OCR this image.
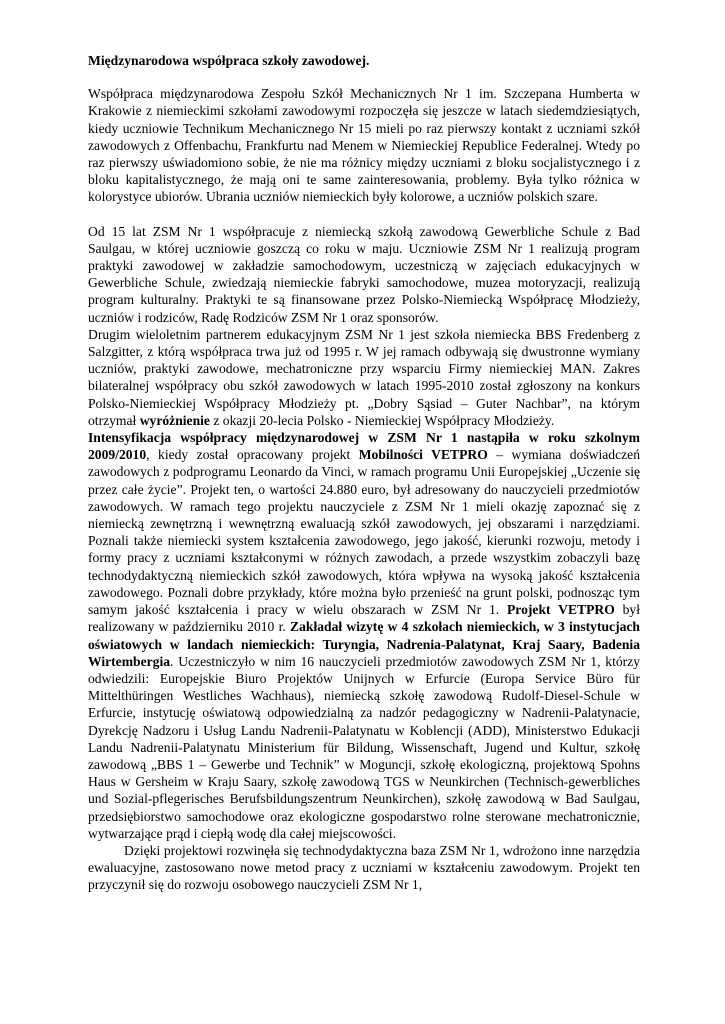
Międzynarodowa współpraca szkoły zawodowej.

Współpraca międzynarodowa Zespołu Szkół Mechanicznych Nr 1 im. Szczepana Humberta w Krakowie z niemieckimi szkołami zawodowymi rozpoczęła się jeszcze w latach siedemdziesiątych, kiedy uczniowie Technikum Mechanicznego Nr 15 mieli po raz pierwszy kontakt z uczniami szkół zawodowych z Offenbachu, Frankfurtu nad Menem w Niemieckiej Republice Federalnej. Wtedy po raz pierwszy uświadomiono sobie, że nie ma różnicy między uczniami z bloku socjalistycznego i z bloku kapitalistycznego, że mają oni te same zainteresowania, problemy. Była tylko różnica w kolorystyce ubiorów. Ubrania uczniów niemieckich były kolorowe, a uczniów polskich szare.

Od 15 lat ZSM Nr 1 współpracuje z niemiecką szkołą zawodową Gewerbliche Schule z Bad Saulgau, w której uczniowie goszczą co roku w maju. Uczniowie ZSM Nr 1 realizują program praktyki zawodowej w zakładzie samochodowym, uczestniczą w zajęciach edukacyjnych w Gewerbliche Schule, zwiedzają niemieckie fabryki samochodowe, muzea motoryzacji, realizują program kulturalny. Praktyki te są finansowane przez Polsko-Niemiecką Współpracę Młodzieży, uczniów i rodziców, Radę Rodziców ZSM Nr 1 oraz sponsorów.

Drugim wieloletnim partnerem edukacyjnym ZSM Nr 1 jest szkoła niemiecka BBS Fredenberg z Salzgitter, z którą współpraca trwa już od 1995 r. W jej ramach odbywają się dwustronne wymiany uczniów, praktyki zawodowe, mechatroniczne przy wsparciu Firmy niemieckiej MAN. Zakres bilateralnej współpracy obu szkół zawodowych w latach 1995-2010 został zgłoszony na konkurs Polsko-Niemieckiej Współpracy Młodzieży pt. „Dobry Sąsiad – Guter Nachbar”, na którym otrzymał wyróżnienie z okazji 20-lecia Polsko - Niemieckiej Współpracy Młodzieży.

Intensyfikacja współpracy międzynarodowej w ZSM Nr 1 nastąpiła w roku szkolnym 2009/2010, kiedy został opracowany projekt Mobilności VETPRO – wymiana doświadczeń zawodowych z podprogramu Leonardo da Vinci, w ramach programu Unii Europejskiej „Uczenie się przez całe życie”. Projekt ten, o wartości 24.880 euro, był adresowany do nauczycieli przedmiotów zawodowych. W ramach tego projektu nauczyciele z ZSM Nr 1 mieli okazję zapoznać się z niemiecką zewnętrzną i wewnętrzną ewaluacją szkół zawodowych, jej obszarami i narzędziami. Poznali także niemiecki system kształcenia zawodowego, jego jakość, kierunki rozwoju, metody i formy pracy z uczniami kształconymi w różnych zawodach, a przede wszystkim zobaczyli bazę technodydaktyczną niemieckich szkół zawodowych, która wpływa na wysoką jakość kształcenia zawodowego. Poznali dobre przykłady, które można było przenieść na grunt polski, podnosząc tym samym jakość kształcenia i pracy w wielu obszarach w ZSM Nr 1. Projekt VETPRO był realizowany w październiku 2010 r. Zakładał wizytę w 4 szkołach niemieckich, w 3 instytucjach oświatowych w landach niemieckich: Turyngia, Nadrenia-Palatynat, Kraj Saary, Badenia Wirtembergia. Uczestniczyło w nim 16 nauczycieli przedmiotów zawodowych ZSM Nr 1, którzy odwiedzili: Europejskie Biuro Projektów Unijnych w Erfurcie (Europa Service Büro für Mittelthüringen Westliches Wachhaus), niemiecką szkołę zawodową Rudolf-Diesel-Schule w Erfurcie, instytucję oświatową odpowiedzialną za nadzór pedagogiczny w Nadrenii-Palatynacie, Dyrekcję Nadzoru i Usług Landu Nadrenii-Palatynatu w Koblencji (ADD), Ministerstwo Edukacji Landu Nadrenii-Palatynatu Ministerium für Bildung, Wissenschaft, Jugend und Kultur, szkołę zawodową „BBS 1 – Gewerbe und Technik” w Moguncji, szkołę ekologiczną, projektową Spohns Haus w Gersheim w Kraju Saary, szkołę zawodową TGS w Neunkirchen (Technisch-gewerbliches und Sozial-pflegerisches Berufsbildungszentrum Neunkirchen), szkołę zawodową w Bad Saulgau, przedsiębiorstwo samochodowe oraz ekologiczne gospodarstwo rolne sterowane mechatronicznie, wytwarzające prąd i ciepłą wodę dla całej miejscowości.

Dzięki projektowi rozwinęła się technodydaktyczna baza ZSM Nr 1, wdrożono inne narzędzia ewaluacyjne, zastosowano nowe metod pracy z uczniami w kształceniu zawodowym. Projekt ten przyczynił się do rozwoju osobowego nauczycieli ZSM Nr 1,
